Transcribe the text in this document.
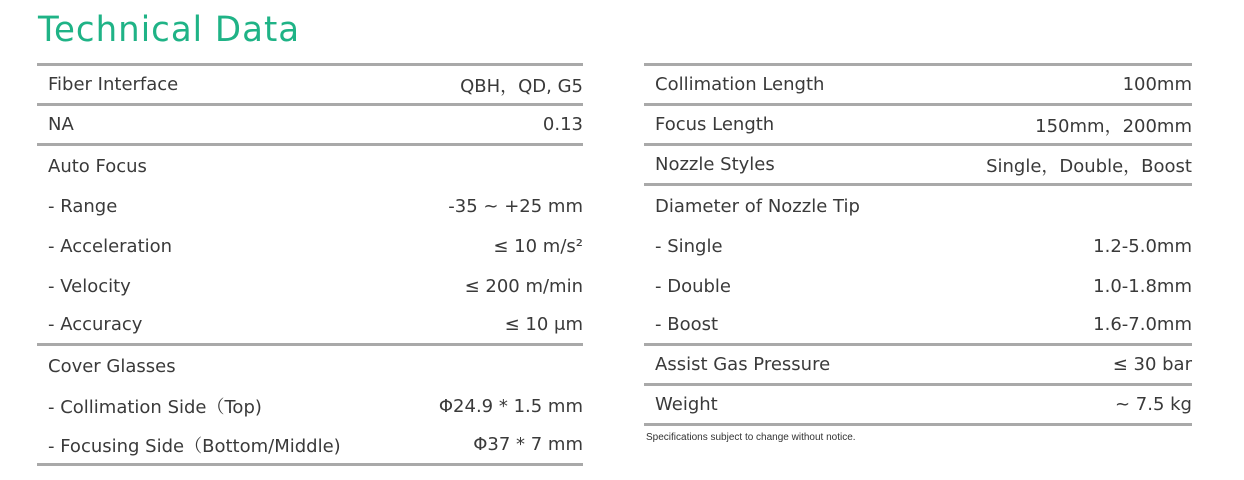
Technical Data
Fiber Interface	QBH，QD, G5
NA	0.13
Auto Focus
- Range	-35 ~ +25 mm
- Acceleration	≤ 10 m/s²
- Velocity	≤ 200 m/min
- Accuracy	≤ 10 μm
Cover Glasses
- Collimation Side（Top)	Φ24.9 * 1.5 mm
- Focusing Side（Bottom/Middle)	Φ37 * 7 mm
Collimation Length	100mm
Focus Length	150mm，200mm
Nozzle Styles	Single，Double，Boost
Diameter of Nozzle Tip
- Single	1.2-5.0mm
- Double	1.0-1.8mm
- Boost	1.6-7.0mm
Assist Gas Pressure	≤ 30 bar
Weight	~ 7.5 kg
Specifications subject to change without notice.
